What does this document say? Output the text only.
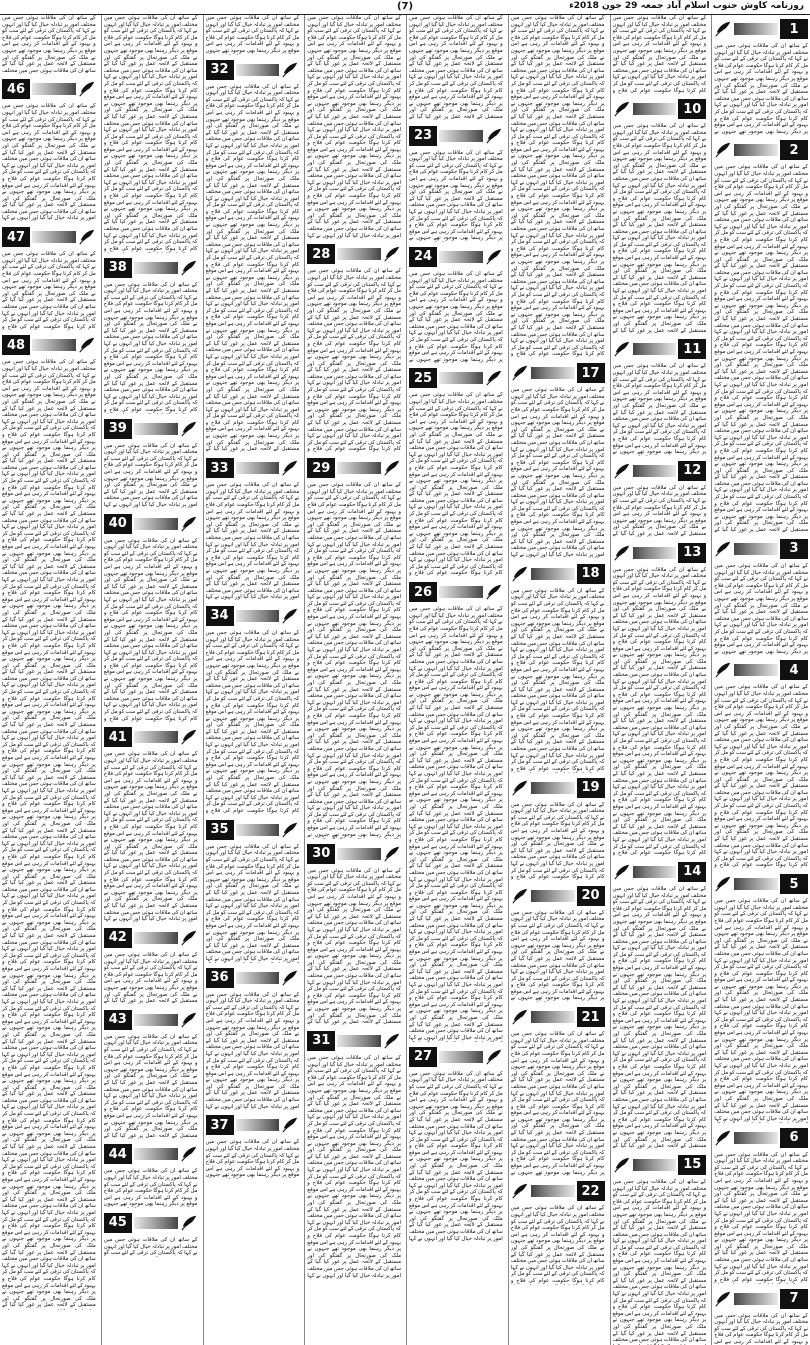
(7)	روزنامہ کاوش جنوب اسلام آباد جمعہ 29 جون 2018ء
1
کے ساتھ ان کی ملاقات ہوئی جس میں مختلف امور پر تبادلہ خیال کیا گیا اور انہوں نے کہا کہ پاکستان کی ترقی کے لئے سب کو مل کر کام کرنا ہوگا حکومت عوام کی فلاح و بہبود کے لئے اقدامات کر رہی ہے اس موقع پر دیگر رہنما بھی موجود تھے جنہوں نے ملک کی صورتحال پر گفتگو کی اور مستقبل کے لائحہ عمل پر غور کیا گیا کے ساتھ ان کی ملاقات ہوئی جس میں مختلف امور پر تبادلہ خیال کیا گیا اور انہوں نے کہا کہ پاکستان کی ترقی کے لئے سب کو مل کر کام کرنا ہوگا حکومت عوام کی فلاح و بہبود کے لئے اقدامات کر رہی ہے اس موقع پر دیگر رہنما بھی موجود تھے جنہوں نے
2
کے ساتھ ان کی ملاقات ہوئی جس میں مختلف امور پر تبادلہ خیال کیا گیا اور انہوں نے کہا کہ پاکستان کی ترقی کے لئے سب کو مل کر کام کرنا ہوگا حکومت عوام کی فلاح و بہبود کے لئے اقدامات کر رہی ہے اس موقع پر دیگر رہنما بھی موجود تھے جنہوں نے ملک کی صورتحال پر گفتگو کی اور مستقبل کے لائحہ عمل پر غور کیا گیا کے ساتھ ان کی ملاقات ہوئی جس میں مختلف امور پر تبادلہ خیال کیا گیا اور انہوں نے کہا کہ پاکستان کی ترقی کے لئے سب کو مل کر کام کرنا ہوگا حکومت عوام کی فلاح و بہبود کے لئے اقدامات کر رہی ہے اس موقع پر دیگر رہنما بھی موجود تھے جنہوں نے ملک کی صورتحال پر گفتگو کی اور مستقبل کے لائحہ عمل پر غور کیا گیا کے ساتھ ان کی ملاقات ہوئی جس میں مختلف امور پر تبادلہ خیال کیا گیا اور انہوں نے کہا کہ پاکستان کی ترقی کے لئے سب کو مل کر کام کرنا ہوگا حکومت عوام کی فلاح و بہبود کے لئے اقدامات کر رہی ہے اس موقع پر دیگر رہنما بھی موجود تھے جنہوں نے ملک کی صورتحال پر گفتگو کی اور مستقبل کے لائحہ عمل پر غور کیا گیا کے ساتھ ان کی ملاقات ہوئی جس میں مختلف امور پر تبادلہ خیال کیا گیا اور انہوں نے کہا کہ پاکستان کی ترقی کے لئے سب کو مل کر کام کرنا ہوگا حکومت عوام کی فلاح و بہبود کے لئے اقدامات کر رہی ہے اس موقع پر دیگر رہنما بھی موجود تھے جنہوں نے ملک کی صورتحال پر گفتگو کی اور مستقبل کے لائحہ عمل پر غور کیا گیا کے ساتھ ان کی ملاقات ہوئی جس میں مختلف امور پر تبادلہ خیال کیا گیا اور انہوں نے کہا کہ پاکستان کی ترقی کے لئے سب کو مل کر کام کرنا ہوگا حکومت عوام کی فلاح و بہبود کے لئے اقدامات کر رہی ہے اس موقع پر دیگر رہنما بھی موجود تھے جنہوں نے ملک کی صورتحال پر گفتگو کی اور مستقبل کے لائحہ عمل پر غور کیا گیا کے ساتھ ان کی ملاقات ہوئی جس میں مختلف امور پر تبادلہ خیال کیا گیا اور انہوں نے کہا کہ پاکستان کی ترقی کے لئے سب کو مل کر کام کرنا ہوگا حکومت عوام کی فلاح و بہبود کے لئے اقدامات کر رہی ہے اس موقع پر دیگر رہنما بھی موجود تھے جنہوں نے ملک کی صورتحال پر گفتگو کی اور مستقبل کے لائحہ عمل پر غور کیا گیا کے ساتھ ان کی ملاقات ہوئی جس میں مختلف امور پر تبادلہ خیال کیا گیا اور انہوں نے کہا کہ پاکستان کی ترقی کے لئے سب کو مل کر کام کرنا ہوگا حکومت عوام کی فلاح و بہبود کے لئے اقدامات کر رہی ہے اس موقع پر دیگر رہنما بھی موجود تھے جنہوں نے ملک کی صورتحال پر گفتگو کی اور مستقبل کے لائحہ عمل پر غور کیا گیا کے
3
کے ساتھ ان کی ملاقات ہوئی جس میں مختلف امور پر تبادلہ خیال کیا گیا اور انہوں نے کہا کہ پاکستان کی ترقی کے لئے سب کو مل کر کام کرنا ہوگا حکومت عوام کی فلاح و بہبود کے لئے اقدامات کر رہی ہے اس موقع پر دیگر رہنما بھی موجود تھے جنہوں نے ملک کی صورتحال پر گفتگو کی اور مستقبل کے لائحہ عمل پر غور کیا گیا کے ساتھ ان کی ملاقات ہوئی جس میں مختلف امور پر تبادلہ خیال کیا گیا اور انہوں نے کہا کہ پاکستان کی ترقی کے لئے سب کو مل کر کام کرنا ہوگا حکومت عوام کی فلاح و بہبود کے لئے اقدامات کر رہی ہے اس موقع پر دیگر رہنما بھی موجود تھے جنہوں نے
4
کے ساتھ ان کی ملاقات ہوئی جس میں مختلف امور پر تبادلہ خیال کیا گیا اور انہوں نے کہا کہ پاکستان کی ترقی کے لئے سب کو مل کر کام کرنا ہوگا حکومت عوام کی فلاح و بہبود کے لئے اقدامات کر رہی ہے اس موقع پر دیگر رہنما بھی موجود تھے جنہوں نے ملک کی صورتحال پر گفتگو کی اور مستقبل کے لائحہ عمل پر غور کیا گیا کے ساتھ ان کی ملاقات ہوئی جس میں مختلف امور پر تبادلہ خیال کیا گیا اور انہوں نے کہا کہ پاکستان کی ترقی کے لئے سب کو مل کر کام کرنا ہوگا حکومت عوام کی فلاح و بہبود کے لئے اقدامات کر رہی ہے اس موقع پر دیگر رہنما بھی موجود تھے جنہوں نے ملک کی صورتحال پر گفتگو کی اور مستقبل کے لائحہ عمل پر غور کیا گیا کے ساتھ ان کی ملاقات ہوئی جس میں مختلف امور پر تبادلہ خیال کیا گیا اور انہوں نے کہا کہ پاکستان کی ترقی کے لئے سب کو مل کر کام کرنا ہوگا حکومت عوام کی فلاح و بہبود کے لئے اقدامات کر رہی ہے اس موقع پر دیگر رہنما بھی موجود تھے جنہوں نے ملک کی صورتحال پر گفتگو کی اور مستقبل کے لائحہ عمل پر غور کیا گیا کے ساتھ ان کی ملاقات ہوئی جس میں مختلف امور پر تبادلہ خیال کیا گیا اور انہوں نے کہا کہ پاکستان کی ترقی کے لئے سب کو مل کر کام کرنا ہوگا حکومت عوام کی فلاح و
5
کے ساتھ ان کی ملاقات ہوئی جس میں مختلف امور پر تبادلہ خیال کیا گیا اور انہوں نے کہا کہ پاکستان کی ترقی کے لئے سب کو مل کر کام کرنا ہوگا حکومت عوام کی فلاح و بہبود کے لئے اقدامات کر رہی ہے اس موقع پر دیگر رہنما بھی موجود تھے جنہوں نے ملک کی صورتحال پر گفتگو کی اور مستقبل کے لائحہ عمل پر غور کیا گیا کے ساتھ ان کی ملاقات ہوئی جس میں مختلف امور پر تبادلہ خیال کیا گیا اور انہوں نے کہا کہ پاکستان کی ترقی کے لئے سب کو مل کر کام کرنا ہوگا حکومت عوام کی فلاح و بہبود کے لئے اقدامات کر رہی ہے اس موقع پر دیگر رہنما بھی موجود تھے جنہوں نے ملک کی صورتحال پر گفتگو کی اور مستقبل کے لائحہ عمل پر غور کیا گیا کے ساتھ ان کی ملاقات ہوئی جس میں مختلف امور پر تبادلہ خیال کیا گیا اور انہوں نے کہا کہ پاکستان کی ترقی کے لئے سب کو مل کر کام کرنا ہوگا حکومت عوام کی فلاح و بہبود کے لئے اقدامات کر رہی ہے اس موقع پر دیگر رہنما بھی موجود تھے جنہوں نے ملک کی صورتحال پر گفتگو کی اور مستقبل کے لائحہ عمل پر غور کیا گیا کے ساتھ ان کی ملاقات ہوئی جس میں مختلف امور پر تبادلہ خیال کیا گیا اور انہوں نے کہا کہ پاکستان کی ترقی کے لئے سب کو مل کر کام کرنا ہوگا حکومت عوام کی فلاح و بہبود کے لئے اقدامات کر رہی ہے اس موقع پر دیگر رہنما بھی موجود تھے جنہوں نے ملک کی صورتحال پر گفتگو کی اور مستقبل کے لائحہ عمل پر غور کیا گیا کے ساتھ ان کی ملاقات ہوئی جس میں مختلف امور پر تبادلہ خیال کیا گیا اور انہوں نے کہا
6
کے ساتھ ان کی ملاقات ہوئی جس میں مختلف امور پر تبادلہ خیال کیا گیا اور انہوں نے کہا کہ پاکستان کی ترقی کے لئے سب کو مل کر کام کرنا ہوگا حکومت عوام کی فلاح و بہبود کے لئے اقدامات کر رہی ہے اس موقع پر دیگر رہنما بھی موجود تھے جنہوں نے ملک کی صورتحال پر گفتگو کی اور مستقبل کے لائحہ عمل پر غور کیا گیا کے ساتھ ان کی ملاقات ہوئی جس میں مختلف امور پر تبادلہ خیال کیا گیا اور انہوں نے کہا کہ پاکستان کی ترقی کے لئے سب کو مل کر کام کرنا ہوگا حکومت عوام کی فلاح و بہبود کے لئے اقدامات کر رہی ہے اس موقع پر دیگر رہنما بھی موجود تھے جنہوں نے ملک کی صورتحال پر گفتگو کی اور مستقبل کے لائحہ عمل پر غور کیا گیا کے ساتھ ان کی ملاقات ہوئی جس میں مختلف امور پر تبادلہ خیال کیا گیا اور انہوں نے کہا کہ پاکستان کی ترقی کے لئے سب کو مل کر کام کرنا ہوگا حکومت عوام کی فلاح و
7
کے ساتھ ان کی ملاقات ہوئی جس میں مختلف امور پر تبادلہ خیال کیا گیا اور انہوں نے کہا کہ پاکستان کی ترقی کے لئے سب کو مل کر کام کرنا ہوگا حکومت عوام کی فلاح و بہبود کے لئے اقدامات کر رہی ہے اس
کے ساتھ ان کی ملاقات ہوئی جس میں مختلف امور پر تبادلہ خیال کیا گیا اور انہوں نے کہا کہ پاکستان کی ترقی کے لئے سب کو مل کر کام کرنا ہوگا حکومت عوام کی فلاح و بہبود کے لئے اقدامات کر رہی ہے اس موقع پر دیگر رہنما بھی موجود تھے جنہوں نے ملک کی صورتحال پر گفتگو کی اور مستقبل کے لائحہ عمل پر غور کیا گیا کے ساتھ ان کی ملاقات ہوئی جس میں مختلف امور پر تبادلہ خیال کیا گیا اور انہوں نے کہا کہ پاکستان کی ترقی کے لئے سب کو مل کر کام کرنا ہوگا حکومت عوام کی فلاح و
10
کے ساتھ ان کی ملاقات ہوئی جس میں مختلف امور پر تبادلہ خیال کیا گیا اور انہوں نے کہا کہ پاکستان کی ترقی کے لئے سب کو مل کر کام کرنا ہوگا حکومت عوام کی فلاح و بہبود کے لئے اقدامات کر رہی ہے اس موقع پر دیگر رہنما بھی موجود تھے جنہوں نے ملک کی صورتحال پر گفتگو کی اور مستقبل کے لائحہ عمل پر غور کیا گیا کے ساتھ ان کی ملاقات ہوئی جس میں مختلف امور پر تبادلہ خیال کیا گیا اور انہوں نے کہا کہ پاکستان کی ترقی کے لئے سب کو مل کر کام کرنا ہوگا حکومت عوام کی فلاح و بہبود کے لئے اقدامات کر رہی ہے اس موقع پر دیگر رہنما بھی موجود تھے جنہوں نے ملک کی صورتحال پر گفتگو کی اور مستقبل کے لائحہ عمل پر غور کیا گیا کے ساتھ ان کی ملاقات ہوئی جس میں مختلف امور پر تبادلہ خیال کیا گیا اور انہوں نے کہا کہ پاکستان کی ترقی کے لئے سب کو مل کر کام کرنا ہوگا حکومت عوام کی فلاح و بہبود کے لئے اقدامات کر رہی ہے اس موقع پر دیگر رہنما بھی موجود تھے جنہوں نے ملک کی صورتحال پر گفتگو کی اور مستقبل کے لائحہ عمل پر غور کیا گیا کے ساتھ ان کی ملاقات ہوئی جس میں مختلف امور پر تبادلہ خیال کیا گیا اور انہوں نے کہا کہ پاکستان کی ترقی کے لئے سب کو مل کر کام کرنا ہوگا حکومت عوام کی فلاح و بہبود کے لئے اقدامات کر رہی ہے اس موقع پر دیگر رہنما بھی موجود تھے جنہوں نے ملک کی صورتحال پر گفتگو کی اور مستقبل کے لائحہ عمل پر غور کیا گیا کے
11
کے ساتھ ان کی ملاقات ہوئی جس میں مختلف امور پر تبادلہ خیال کیا گیا اور انہوں نے کہا کہ پاکستان کی ترقی کے لئے سب کو مل کر کام کرنا ہوگا حکومت عوام کی فلاح و بہبود کے لئے اقدامات کر رہی ہے اس موقع پر دیگر رہنما بھی موجود تھے جنہوں نے ملک کی صورتحال پر گفتگو کی اور مستقبل کے لائحہ عمل پر غور کیا گیا کے ساتھ ان کی ملاقات ہوئی جس میں مختلف امور پر تبادلہ خیال کیا گیا اور انہوں نے کہا کہ پاکستان کی ترقی کے لئے سب کو مل کر کام کرنا ہوگا حکومت عوام کی فلاح و بہبود کے لئے اقدامات کر رہی ہے اس موقع پر دیگر رہنما بھی موجود تھے جنہوں نے
12
کے ساتھ ان کی ملاقات ہوئی جس میں مختلف امور پر تبادلہ خیال کیا گیا اور انہوں نے کہا کہ پاکستان کی ترقی کے لئے سب کو مل کر کام کرنا ہوگا حکومت عوام کی فلاح و بہبود کے لئے اقدامات کر رہی ہے اس موقع پر دیگر رہنما بھی موجود تھے جنہوں نے ملک کی صورتحال پر گفتگو کی اور مستقبل کے لائحہ عمل پر غور کیا گیا کے
13
کے ساتھ ان کی ملاقات ہوئی جس میں مختلف امور پر تبادلہ خیال کیا گیا اور انہوں نے کہا کہ پاکستان کی ترقی کے لئے سب کو مل کر کام کرنا ہوگا حکومت عوام کی فلاح و بہبود کے لئے اقدامات کر رہی ہے اس موقع پر دیگر رہنما بھی موجود تھے جنہوں نے ملک کی صورتحال پر گفتگو کی اور مستقبل کے لائحہ عمل پر غور کیا گیا کے ساتھ ان کی ملاقات ہوئی جس میں مختلف امور پر تبادلہ خیال کیا گیا اور انہوں نے کہا کہ پاکستان کی ترقی کے لئے سب کو مل کر کام کرنا ہوگا حکومت عوام کی فلاح و بہبود کے لئے اقدامات کر رہی ہے اس موقع پر دیگر رہنما بھی موجود تھے جنہوں نے ملک کی صورتحال پر گفتگو کی اور مستقبل کے لائحہ عمل پر غور کیا گیا کے ساتھ ان کی ملاقات ہوئی جس میں مختلف امور پر تبادلہ خیال کیا گیا اور انہوں نے کہا کہ پاکستان کی ترقی کے لئے سب کو مل کر کام کرنا ہوگا حکومت عوام کی فلاح و بہبود کے لئے اقدامات کر رہی ہے اس موقع پر دیگر رہنما بھی موجود تھے جنہوں نے ملک کی صورتحال پر گفتگو کی اور مستقبل کے لائحہ عمل پر غور کیا گیا کے ساتھ ان کی ملاقات ہوئی جس میں مختلف امور پر تبادلہ خیال کیا گیا اور انہوں نے کہا کہ پاکستان کی ترقی کے لئے سب کو مل کر کام کرنا ہوگا حکومت عوام کی فلاح و بہبود کے لئے اقدامات کر رہی ہے اس موقع پر دیگر رہنما بھی موجود تھے جنہوں نے ملک کی صورتحال پر گفتگو کی اور مستقبل کے لائحہ عمل پر غور کیا گیا کے ساتھ ان کی ملاقات ہوئی جس میں مختلف امور پر تبادلہ خیال کیا گیا اور انہوں نے کہا کہ پاکستان کی ترقی کے لئے سب کو مل کر کام کرنا ہوگا حکومت عوام کی فلاح و بہبود کے لئے اقدامات کر رہی ہے اس موقع پر دیگر رہنما بھی موجود تھے جنہوں نے ملک کی صورتحال پر گفتگو کی اور مستقبل کے لائحہ عمل پر غور کیا گیا کے ساتھ ان کی ملاقات ہوئی جس میں مختلف امور پر تبادلہ خیال کیا گیا اور انہوں نے کہا کہ پاکستان کی ترقی کے لئے سب کو مل کر کام کرنا ہوگا حکومت عوام کی فلاح و
14
کے ساتھ ان کی ملاقات ہوئی جس میں مختلف امور پر تبادلہ خیال کیا گیا اور انہوں نے کہا کہ پاکستان کی ترقی کے لئے سب کو مل کر کام کرنا ہوگا حکومت عوام کی فلاح و بہبود کے لئے اقدامات کر رہی ہے اس موقع پر دیگر رہنما بھی موجود تھے جنہوں نے ملک کی صورتحال پر گفتگو کی اور مستقبل کے لائحہ عمل پر غور کیا گیا کے ساتھ ان کی ملاقات ہوئی جس میں مختلف امور پر تبادلہ خیال کیا گیا اور انہوں نے کہا کہ پاکستان کی ترقی کے لئے سب کو مل کر کام کرنا ہوگا حکومت عوام کی فلاح و بہبود کے لئے اقدامات کر رہی ہے اس موقع پر دیگر رہنما بھی موجود تھے جنہوں نے ملک کی صورتحال پر گفتگو کی اور مستقبل کے لائحہ عمل پر غور کیا گیا کے ساتھ ان کی ملاقات ہوئی جس میں مختلف امور پر تبادلہ خیال کیا گیا اور انہوں نے کہا کہ پاکستان کی ترقی کے لئے سب کو مل کر کام کرنا ہوگا حکومت عوام کی فلاح و بہبود کے لئے اقدامات کر رہی ہے اس موقع پر دیگر رہنما بھی موجود تھے جنہوں نے ملک کی صورتحال پر گفتگو کی اور مستقبل کے لائحہ عمل پر غور کیا گیا کے ساتھ ان کی ملاقات ہوئی جس میں مختلف امور پر تبادلہ خیال کیا گیا اور انہوں نے کہا کہ پاکستان کی ترقی کے لئے سب کو مل کر کام کرنا ہوگا حکومت عوام کی فلاح و بہبود کے لئے اقدامات کر رہی ہے اس موقع پر دیگر رہنما بھی موجود تھے جنہوں نے ملک کی صورتحال پر گفتگو کی اور مستقبل کے لائحہ عمل پر غور کیا گیا کے ساتھ ان کی ملاقات ہوئی جس میں مختلف امور پر تبادلہ خیال کیا گیا اور انہوں نے کہا کہ پاکستان کی ترقی کے لئے سب کو مل کر کام کرنا ہوگا حکومت عوام کی فلاح و بہبود کے لئے اقدامات کر رہی ہے اس موقع پر دیگر رہنما بھی موجود تھے جنہوں نے ملک کی صورتحال پر گفتگو کی اور مستقبل کے لائحہ عمل پر غور کیا گیا کے
15
کے ساتھ ان کی ملاقات ہوئی جس میں مختلف امور پر تبادلہ خیال کیا گیا اور انہوں نے کہا کہ پاکستان کی ترقی کے لئے سب کو مل کر کام کرنا ہوگا حکومت عوام کی فلاح و بہبود کے لئے اقدامات کر رہی ہے اس موقع پر دیگر رہنما بھی موجود تھے جنہوں نے ملک کی صورتحال پر گفتگو کی اور مستقبل کے لائحہ عمل پر غور کیا گیا کے ساتھ ان کی ملاقات ہوئی جس میں مختلف امور پر تبادلہ خیال کیا گیا اور انہوں نے کہا کہ پاکستان کی ترقی کے لئے سب کو مل کر کام کرنا ہوگا حکومت عوام کی فلاح و بہبود کے لئے اقدامات کر رہی ہے اس موقع پر دیگر رہنما بھی موجود تھے جنہوں نے ملک کی صورتحال پر گفتگو کی اور مستقبل کے لائحہ عمل پر غور کیا گیا کے ساتھ ان کی ملاقات ہوئی جس میں مختلف امور پر تبادلہ خیال کیا گیا اور انہوں نے کہا کہ پاکستان کی ترقی کے لئے سب کو مل کر کام کرنا ہوگا حکومت عوام کی فلاح و بہبود کے لئے اقدامات کر رہی ہے اس موقع پر دیگر رہنما بھی موجود تھے جنہوں نے ملک کی صورتحال پر گفتگو کی اور مستقبل کے لائحہ عمل پر غور کیا گیا کے ساتھ ان کی ملاقات ہوئی جس میں مختلف
کے ساتھ ان کی ملاقات ہوئی جس میں مختلف امور پر تبادلہ خیال کیا گیا اور انہوں نے کہا کہ پاکستان کی ترقی کے لئے سب کو مل کر کام کرنا ہوگا حکومت عوام کی فلاح و بہبود کے لئے اقدامات کر رہی ہے اس موقع پر دیگر رہنما بھی موجود تھے جنہوں نے ملک کی صورتحال پر گفتگو کی اور مستقبل کے لائحہ عمل پر غور کیا گیا کے ساتھ ان کی ملاقات ہوئی جس میں مختلف امور پر تبادلہ خیال کیا گیا اور انہوں نے کہا کہ پاکستان کی ترقی کے لئے سب کو مل کر کام کرنا ہوگا حکومت عوام کی فلاح و بہبود کے لئے اقدامات کر رہی ہے اس موقع پر دیگر رہنما بھی موجود تھے جنہوں نے ملک کی صورتحال پر گفتگو کی اور مستقبل کے لائحہ عمل پر غور کیا گیا کے ساتھ ان کی ملاقات ہوئی جس میں مختلف امور پر تبادلہ خیال کیا گیا اور انہوں نے کہا کہ پاکستان کی ترقی کے لئے سب کو مل کر کام کرنا ہوگا حکومت عوام کی فلاح و بہبود کے لئے اقدامات کر رہی ہے اس موقع پر دیگر رہنما بھی موجود تھے جنہوں نے ملک کی صورتحال پر گفتگو کی اور مستقبل کے لائحہ عمل پر غور کیا گیا کے ساتھ ان کی ملاقات ہوئی جس میں مختلف امور پر تبادلہ خیال کیا گیا اور انہوں نے کہا کہ پاکستان کی ترقی کے لئے سب کو مل کر کام کرنا ہوگا حکومت عوام کی فلاح و بہبود کے لئے اقدامات کر رہی ہے اس موقع پر دیگر رہنما بھی موجود تھے جنہوں نے ملک کی صورتحال پر گفتگو کی اور مستقبل کے لائحہ عمل پر غور کیا گیا کے ساتھ ان کی ملاقات ہوئی جس میں مختلف امور پر تبادلہ خیال کیا گیا اور انہوں نے کہا کہ پاکستان کی ترقی کے لئے سب کو مل کر کام کرنا ہوگا حکومت عوام کی فلاح و بہبود کے لئے اقدامات کر رہی ہے اس موقع پر دیگر رہنما بھی موجود تھے جنہوں نے ملک کی صورتحال پر گفتگو کی اور مستقبل کے لائحہ عمل پر غور کیا گیا کے ساتھ ان کی ملاقات ہوئی جس میں مختلف امور پر تبادلہ خیال کیا گیا اور انہوں نے کہا کہ پاکستان کی ترقی کے لئے سب کو مل کر کام کرنا ہوگا حکومت عوام کی فلاح و بہبود کے لئے اقدامات کر رہی ہے اس موقع پر دیگر رہنما بھی موجود تھے جنہوں نے ملک کی صورتحال پر گفتگو کی اور مستقبل کے لائحہ عمل پر غور کیا گیا کے ساتھ ان کی ملاقات ہوئی جس میں مختلف امور پر تبادلہ خیال کیا گیا اور انہوں نے کہا کہ پاکستان کی ترقی کے لئے سب کو مل کر کام کرنا ہوگا حکومت عوام کی فلاح و
17
کے ساتھ ان کی ملاقات ہوئی جس میں مختلف امور پر تبادلہ خیال کیا گیا اور انہوں نے کہا کہ پاکستان کی ترقی کے لئے سب کو مل کر کام کرنا ہوگا حکومت عوام کی فلاح و بہبود کے لئے اقدامات کر رہی ہے اس موقع پر دیگر رہنما بھی موجود تھے جنہوں نے ملک کی صورتحال پر گفتگو کی اور مستقبل کے لائحہ عمل پر غور کیا گیا کے ساتھ ان کی ملاقات ہوئی جس میں مختلف امور پر تبادلہ خیال کیا گیا اور انہوں نے کہا کہ پاکستان کی ترقی کے لئے سب کو مل کر کام کرنا ہوگا حکومت عوام کی فلاح و بہبود کے لئے اقدامات کر رہی ہے اس موقع پر دیگر رہنما بھی موجود تھے جنہوں نے ملک کی صورتحال پر گفتگو کی اور مستقبل کے لائحہ عمل پر غور کیا گیا کے ساتھ ان کی ملاقات ہوئی جس میں مختلف امور پر تبادلہ خیال کیا گیا اور انہوں نے کہا کہ پاکستان کی ترقی کے لئے سب کو مل کر کام کرنا ہوگا حکومت عوام کی فلاح و بہبود کے لئے اقدامات کر رہی ہے اس موقع پر دیگر رہنما بھی موجود تھے جنہوں نے ملک کی صورتحال پر گفتگو کی اور مستقبل کے لائحہ عمل پر غور کیا گیا کے ساتھ ان کی ملاقات ہوئی جس میں مختلف امور پر تبادلہ خیال کیا گیا اور انہوں نے کہا
18
کے ساتھ ان کی ملاقات ہوئی جس میں مختلف امور پر تبادلہ خیال کیا گیا اور انہوں نے کہا کہ پاکستان کی ترقی کے لئے سب کو مل کر کام کرنا ہوگا حکومت عوام کی فلاح و بہبود کے لئے اقدامات کر رہی ہے اس موقع پر دیگر رہنما بھی موجود تھے جنہوں نے ملک کی صورتحال پر گفتگو کی اور مستقبل کے لائحہ عمل پر غور کیا گیا کے ساتھ ان کی ملاقات ہوئی جس میں مختلف امور پر تبادلہ خیال کیا گیا اور انہوں نے کہا کہ پاکستان کی ترقی کے لئے سب کو مل کر کام کرنا ہوگا حکومت عوام کی فلاح و بہبود کے لئے اقدامات کر رہی ہے اس موقع پر دیگر رہنما بھی موجود تھے جنہوں نے ملک کی صورتحال پر گفتگو کی اور مستقبل کے لائحہ عمل پر غور کیا گیا کے ساتھ ان کی ملاقات ہوئی جس میں مختلف امور پر تبادلہ خیال کیا گیا اور انہوں نے کہا کہ پاکستان کی ترقی کے لئے سب کو مل کر کام کرنا ہوگا حکومت عوام کی فلاح و بہبود کے لئے اقدامات کر رہی ہے اس موقع پر دیگر رہنما بھی موجود تھے جنہوں نے ملک کی صورتحال پر گفتگو کی اور مستقبل کے لائحہ عمل پر غور کیا گیا کے ساتھ ان کی ملاقات ہوئی جس میں مختلف امور پر تبادلہ خیال کیا گیا اور انہوں نے کہا کہ پاکستان کی ترقی کے لئے سب کو مل کر کام کرنا ہوگا حکومت عوام کی فلاح و
19
کے ساتھ ان کی ملاقات ہوئی جس میں مختلف امور پر تبادلہ خیال کیا گیا اور انہوں نے کہا کہ پاکستان کی ترقی کے لئے سب کو مل کر کام کرنا ہوگا حکومت عوام کی فلاح و بہبود کے لئے اقدامات کر رہی ہے اس موقع پر دیگر رہنما بھی موجود تھے جنہوں نے ملک کی صورتحال پر گفتگو کی اور مستقبل کے لائحہ عمل پر غور کیا گیا کے ساتھ ان کی ملاقات ہوئی جس میں مختلف امور پر تبادلہ خیال کیا گیا اور انہوں نے کہا کہ پاکستان کی ترقی کے لئے سب کو مل کر کام کرنا ہوگا حکومت عوام کی فلاح و
20
کے ساتھ ان کی ملاقات ہوئی جس میں مختلف امور پر تبادلہ خیال کیا گیا اور انہوں نے کہا کہ پاکستان کی ترقی کے لئے سب کو مل کر کام کرنا ہوگا حکومت عوام کی فلاح و بہبود کے لئے اقدامات کر رہی ہے اس موقع پر دیگر رہنما بھی موجود تھے جنہوں نے ملک کی صورتحال پر گفتگو کی اور مستقبل کے لائحہ عمل پر غور کیا گیا کے ساتھ ان کی ملاقات ہوئی جس میں مختلف امور پر تبادلہ خیال کیا گیا اور انہوں نے کہا کہ پاکستان کی ترقی کے لئے سب کو مل کر کام کرنا ہوگا حکومت عوام کی فلاح و بہبود کے لئے اقدامات کر رہی ہے اس موقع پر دیگر رہنما بھی موجود تھے جنہوں نے
21
کے ساتھ ان کی ملاقات ہوئی جس میں مختلف امور پر تبادلہ خیال کیا گیا اور انہوں نے کہا کہ پاکستان کی ترقی کے لئے سب کو مل کر کام کرنا ہوگا حکومت عوام کی فلاح و بہبود کے لئے اقدامات کر رہی ہے اس موقع پر دیگر رہنما بھی موجود تھے جنہوں نے ملک کی صورتحال پر گفتگو کی اور مستقبل کے لائحہ عمل پر غور کیا گیا کے ساتھ ان کی ملاقات ہوئی جس میں مختلف امور پر تبادلہ خیال کیا گیا اور انہوں نے کہا کہ پاکستان کی ترقی کے لئے سب کو مل کر کام کرنا ہوگا حکومت عوام کی فلاح و بہبود کے لئے اقدامات کر رہی ہے اس موقع پر دیگر رہنما بھی موجود تھے جنہوں نے ملک کی صورتحال پر گفتگو کی اور مستقبل کے لائحہ عمل پر غور کیا گیا کے ساتھ ان کی ملاقات ہوئی جس میں مختلف امور پر تبادلہ خیال کیا گیا اور انہوں نے کہا کہ پاکستان کی ترقی کے لئے سب کو مل کر کام کرنا ہوگا حکومت عوام کی فلاح و بہبود کے لئے اقدامات کر رہی ہے اس موقع پر دیگر رہنما بھی موجود تھے جنہوں نے
22
کے ساتھ ان کی ملاقات ہوئی جس میں مختلف امور پر تبادلہ خیال کیا گیا اور انہوں نے کہا کہ پاکستان کی ترقی کے لئے سب کو مل کر کام کرنا ہوگا حکومت عوام کی فلاح و بہبود کے لئے اقدامات کر رہی ہے اس موقع پر دیگر رہنما بھی موجود تھے جنہوں نے ملک کی صورتحال پر گفتگو کی اور مستقبل کے لائحہ عمل پر غور کیا گیا کے ساتھ ان کی ملاقات ہوئی جس میں مختلف امور پر تبادلہ خیال کیا گیا اور انہوں نے کہا کہ پاکستان کی ترقی کے لئے سب کو مل کر کام کرنا ہوگا حکومت عوام کی فلاح و
کے ساتھ ان کی ملاقات ہوئی جس میں مختلف امور پر تبادلہ خیال کیا گیا اور انہوں نے کہا کہ پاکستان کی ترقی کے لئے سب کو مل کر کام کرنا ہوگا حکومت عوام کی فلاح و بہبود کے لئے اقدامات کر رہی ہے اس موقع پر دیگر رہنما بھی موجود تھے جنہوں نے ملک کی صورتحال پر گفتگو کی اور مستقبل کے لائحہ عمل پر غور کیا گیا کے ساتھ ان کی ملاقات ہوئی جس میں مختلف امور پر تبادلہ خیال کیا گیا اور انہوں نے کہا کہ پاکستان کی ترقی کے لئے سب کو مل کر کام کرنا ہوگا حکومت عوام کی فلاح و بہبود کے لئے اقدامات کر رہی ہے اس موقع پر دیگر رہنما بھی موجود تھے جنہوں نے ملک کی صورتحال پر گفتگو کی اور مستقبل کے لائحہ عمل پر غور کیا گیا کے
23
کے ساتھ ان کی ملاقات ہوئی جس میں مختلف امور پر تبادلہ خیال کیا گیا اور انہوں نے کہا کہ پاکستان کی ترقی کے لئے سب کو مل کر کام کرنا ہوگا حکومت عوام کی فلاح و بہبود کے لئے اقدامات کر رہی ہے اس موقع پر دیگر رہنما بھی موجود تھے جنہوں نے ملک کی صورتحال پر گفتگو کی اور مستقبل کے لائحہ عمل پر غور کیا گیا کے ساتھ ان کی ملاقات ہوئی جس میں مختلف امور پر تبادلہ خیال کیا گیا اور انہوں نے کہا کہ پاکستان کی ترقی کے لئے سب کو مل کر کام کرنا ہوگا حکومت عوام کی فلاح و بہبود کے لئے اقدامات کر رہی ہے اس موقع پر دیگر رہنما بھی موجود تھے جنہوں نے
24
کے ساتھ ان کی ملاقات ہوئی جس میں مختلف امور پر تبادلہ خیال کیا گیا اور انہوں نے کہا کہ پاکستان کی ترقی کے لئے سب کو مل کر کام کرنا ہوگا حکومت عوام کی فلاح و بہبود کے لئے اقدامات کر رہی ہے اس موقع پر دیگر رہنما بھی موجود تھے جنہوں نے ملک کی صورتحال پر گفتگو کی اور مستقبل کے لائحہ عمل پر غور کیا گیا کے ساتھ ان کی ملاقات ہوئی جس میں مختلف امور پر تبادلہ خیال کیا گیا اور انہوں نے کہا کہ پاکستان کی ترقی کے لئے سب کو مل کر کام کرنا ہوگا حکومت عوام کی فلاح و بہبود کے لئے اقدامات کر رہی ہے اس موقع پر دیگر رہنما بھی موجود تھے جنہوں نے
25
کے ساتھ ان کی ملاقات ہوئی جس میں مختلف امور پر تبادلہ خیال کیا گیا اور انہوں نے کہا کہ پاکستان کی ترقی کے لئے سب کو مل کر کام کرنا ہوگا حکومت عوام کی فلاح و بہبود کے لئے اقدامات کر رہی ہے اس موقع پر دیگر رہنما بھی موجود تھے جنہوں نے ملک کی صورتحال پر گفتگو کی اور مستقبل کے لائحہ عمل پر غور کیا گیا کے ساتھ ان کی ملاقات ہوئی جس میں مختلف امور پر تبادلہ خیال کیا گیا اور انہوں نے کہا کہ پاکستان کی ترقی کے لئے سب کو مل کر کام کرنا ہوگا حکومت عوام کی فلاح و بہبود کے لئے اقدامات کر رہی ہے اس موقع پر دیگر رہنما بھی موجود تھے جنہوں نے ملک کی صورتحال پر گفتگو کی اور مستقبل کے لائحہ عمل پر غور کیا گیا کے ساتھ ان کی ملاقات ہوئی جس میں مختلف امور پر تبادلہ خیال کیا گیا اور انہوں نے کہا کہ پاکستان کی ترقی کے لئے سب کو مل کر کام کرنا ہوگا حکومت عوام کی فلاح و بہبود کے لئے اقدامات کر رہی ہے اس موقع پر دیگر رہنما بھی موجود تھے جنہوں نے ملک کی صورتحال پر گفتگو کی اور مستقبل کے لائحہ عمل پر غور کیا گیا کے ساتھ ان کی ملاقات ہوئی جس میں مختلف امور پر تبادلہ خیال کیا گیا اور انہوں نے کہا کہ پاکستان کی ترقی کے لئے سب کو مل کر کام کرنا ہوگا حکومت عوام کی فلاح و
26
کے ساتھ ان کی ملاقات ہوئی جس میں مختلف امور پر تبادلہ خیال کیا گیا اور انہوں نے کہا کہ پاکستان کی ترقی کے لئے سب کو مل کر کام کرنا ہوگا حکومت عوام کی فلاح و بہبود کے لئے اقدامات کر رہی ہے اس موقع پر دیگر رہنما بھی موجود تھے جنہوں نے ملک کی صورتحال پر گفتگو کی اور مستقبل کے لائحہ عمل پر غور کیا گیا کے ساتھ ان کی ملاقات ہوئی جس میں مختلف امور پر تبادلہ خیال کیا گیا اور انہوں نے کہا کہ پاکستان کی ترقی کے لئے سب کو مل کر کام کرنا ہوگا حکومت عوام کی فلاح و بہبود کے لئے اقدامات کر رہی ہے اس موقع پر دیگر رہنما بھی موجود تھے جنہوں نے ملک کی صورتحال پر گفتگو کی اور مستقبل کے لائحہ عمل پر غور کیا گیا کے ساتھ ان کی ملاقات ہوئی جس میں مختلف امور پر تبادلہ خیال کیا گیا اور انہوں نے کہا کہ پاکستان کی ترقی کے لئے سب کو مل کر کام کرنا ہوگا حکومت عوام کی فلاح و بہبود کے لئے اقدامات کر رہی ہے اس موقع پر دیگر رہنما بھی موجود تھے جنہوں نے ملک کی صورتحال پر گفتگو کی اور مستقبل کے لائحہ عمل پر غور کیا گیا کے ساتھ ان کی ملاقات ہوئی جس میں مختلف امور پر تبادلہ خیال کیا گیا اور انہوں نے کہا کہ پاکستان کی ترقی کے لئے سب کو مل کر کام کرنا ہوگا حکومت عوام کی فلاح و بہبود کے لئے اقدامات کر رہی ہے اس موقع پر دیگر رہنما بھی موجود تھے جنہوں نے ملک کی صورتحال پر گفتگو کی اور مستقبل کے لائحہ عمل پر غور کیا گیا کے ساتھ ان کی ملاقات ہوئی جس میں مختلف امور پر تبادلہ خیال کیا گیا اور انہوں نے کہا کہ پاکستان کی ترقی کے لئے سب کو مل کر کام کرنا ہوگا حکومت عوام کی فلاح و بہبود کے لئے اقدامات کر رہی ہے اس موقع پر دیگر رہنما بھی موجود تھے جنہوں نے ملک کی صورتحال پر گفتگو کی اور مستقبل کے لائحہ عمل پر غور کیا گیا کے ساتھ ان کی ملاقات ہوئی جس میں مختلف امور پر تبادلہ خیال کیا گیا اور انہوں نے کہا کہ پاکستان کی ترقی کے لئے سب کو مل کر کام کرنا ہوگا حکومت عوام کی فلاح و بہبود کے لئے اقدامات کر رہی ہے اس موقع پر دیگر رہنما بھی موجود تھے جنہوں نے ملک کی صورتحال پر گفتگو کی اور مستقبل کے لائحہ عمل پر غور کیا گیا کے ساتھ ان کی ملاقات ہوئی جس میں مختلف امور پر تبادلہ خیال کیا گیا اور انہوں نے کہا کہ پاکستان کی ترقی کے لئے سب کو مل کر کام کرنا ہوگا حکومت عوام کی فلاح و بہبود کے لئے اقدامات کر رہی ہے اس موقع پر دیگر رہنما بھی موجود تھے جنہوں نے ملک کی صورتحال پر گفتگو کی اور مستقبل کے لائحہ عمل پر غور کیا گیا کے ساتھ ان کی ملاقات ہوئی جس میں مختلف امور پر تبادلہ خیال کیا گیا اور انہوں نے کہا کہ پاکستان کی ترقی کے لئے سب کو مل کر کام کرنا ہوگا حکومت عوام کی فلاح و بہبود کے لئے اقدامات کر رہی ہے اس موقع پر دیگر رہنما بھی موجود تھے جنہوں نے ملک کی صورتحال پر گفتگو کی اور مستقبل کے لائحہ عمل پر غور کیا گیا کے ساتھ ان کی ملاقات ہوئی جس میں مختلف امور پر تبادلہ خیال کیا گیا اور انہوں نے کہا
27
کے ساتھ ان کی ملاقات ہوئی جس میں مختلف امور پر تبادلہ خیال کیا گیا اور انہوں نے کہا کہ پاکستان کی ترقی کے لئے سب کو مل کر کام کرنا ہوگا حکومت عوام کی فلاح و بہبود کے لئے اقدامات کر رہی ہے اس موقع پر دیگر رہنما بھی موجود تھے جنہوں نے ملک کی صورتحال پر گفتگو کی اور مستقبل کے لائحہ عمل پر غور کیا گیا کے ساتھ ان کی ملاقات ہوئی جس میں مختلف امور پر تبادلہ خیال کیا گیا اور انہوں نے کہا کہ پاکستان کی ترقی کے لئے سب کو مل کر کام کرنا ہوگا حکومت عوام کی فلاح و بہبود کے لئے اقدامات کر رہی ہے اس موقع پر دیگر رہنما بھی موجود تھے جنہوں نے ملک کی صورتحال پر گفتگو کی اور مستقبل کے لائحہ عمل پر غور کیا گیا کے ساتھ ان کی ملاقات ہوئی جس میں مختلف امور پر تبادلہ خیال کیا گیا اور انہوں نے کہا کہ پاکستان کی ترقی کے لئے سب کو مل کر کام کرنا ہوگا حکومت عوام کی فلاح و بہبود کے لئے اقدامات کر رہی ہے اس موقع پر دیگر رہنما بھی موجود تھے جنہوں نے ملک کی صورتحال پر گفتگو کی اور مستقبل کے لائحہ عمل پر غور کیا گیا کے ساتھ ان کی ملاقات ہوئی جس میں مختلف امور پر تبادلہ خیال کیا گیا اور انہوں نے کہا
کے ساتھ ان کی ملاقات ہوئی جس میں مختلف امور پر تبادلہ خیال کیا گیا اور انہوں نے کہا کہ پاکستان کی ترقی کے لئے سب کو مل کر کام کرنا ہوگا حکومت عوام کی فلاح و بہبود کے لئے اقدامات کر رہی ہے اس موقع پر دیگر رہنما بھی موجود تھے جنہوں نے ملک کی صورتحال پر گفتگو کی اور مستقبل کے لائحہ عمل پر غور کیا گیا کے ساتھ ان کی ملاقات ہوئی جس میں مختلف امور پر تبادلہ خیال کیا گیا اور انہوں نے کہا کہ پاکستان کی ترقی کے لئے سب کو مل کر کام کرنا ہوگا حکومت عوام کی فلاح و بہبود کے لئے اقدامات کر رہی ہے اس موقع پر دیگر رہنما بھی موجود تھے جنہوں نے ملک کی صورتحال پر گفتگو کی اور مستقبل کے لائحہ عمل پر غور کیا گیا کے ساتھ ان کی ملاقات ہوئی جس میں مختلف امور پر تبادلہ خیال کیا گیا اور انہوں نے کہا کہ پاکستان کی ترقی کے لئے سب کو مل کر کام کرنا ہوگا حکومت عوام کی فلاح و بہبود کے لئے اقدامات کر رہی ہے اس موقع پر دیگر رہنما بھی موجود تھے جنہوں نے ملک کی صورتحال پر گفتگو کی اور مستقبل کے لائحہ عمل پر غور کیا گیا کے ساتھ ان کی ملاقات ہوئی جس میں مختلف امور پر تبادلہ خیال کیا گیا اور انہوں نے کہا کہ پاکستان کی ترقی کے لئے سب کو مل کر کام کرنا ہوگا حکومت عوام کی فلاح و بہبود کے لئے اقدامات کر رہی ہے اس موقع پر دیگر رہنما بھی موجود تھے جنہوں نے ملک کی صورتحال پر گفتگو کی اور مستقبل کے لائحہ عمل پر غور کیا گیا کے ساتھ ان کی ملاقات ہوئی جس میں مختلف امور پر تبادلہ خیال کیا گیا اور انہوں نے کہا
28
کے ساتھ ان کی ملاقات ہوئی جس میں مختلف امور پر تبادلہ خیال کیا گیا اور انہوں نے کہا کہ پاکستان کی ترقی کے لئے سب کو مل کر کام کرنا ہوگا حکومت عوام کی فلاح و بہبود کے لئے اقدامات کر رہی ہے اس موقع پر دیگر رہنما بھی موجود تھے جنہوں نے ملک کی صورتحال پر گفتگو کی اور مستقبل کے لائحہ عمل پر غور کیا گیا کے ساتھ ان کی ملاقات ہوئی جس میں مختلف امور پر تبادلہ خیال کیا گیا اور انہوں نے کہا کہ پاکستان کی ترقی کے لئے سب کو مل کر کام کرنا ہوگا حکومت عوام کی فلاح و بہبود کے لئے اقدامات کر رہی ہے اس موقع پر دیگر رہنما بھی موجود تھے جنہوں نے ملک کی صورتحال پر گفتگو کی اور مستقبل کے لائحہ عمل پر غور کیا گیا کے ساتھ ان کی ملاقات ہوئی جس میں مختلف امور پر تبادلہ خیال کیا گیا اور انہوں نے کہا کہ پاکستان کی ترقی کے لئے سب کو مل کر کام کرنا ہوگا حکومت عوام کی فلاح و بہبود کے لئے اقدامات کر رہی ہے اس موقع پر دیگر رہنما بھی موجود تھے جنہوں نے ملک کی صورتحال پر گفتگو کی اور مستقبل کے لائحہ عمل پر غور کیا گیا کے ساتھ ان کی ملاقات ہوئی جس میں مختلف امور پر تبادلہ خیال کیا گیا اور انہوں نے کہا کہ پاکستان کی ترقی کے لئے سب کو مل کر کام کرنا ہوگا حکومت عوام کی فلاح و
29
کے ساتھ ان کی ملاقات ہوئی جس میں مختلف امور پر تبادلہ خیال کیا گیا اور انہوں نے کہا کہ پاکستان کی ترقی کے لئے سب کو مل کر کام کرنا ہوگا حکومت عوام کی فلاح و بہبود کے لئے اقدامات کر رہی ہے اس موقع پر دیگر رہنما بھی موجود تھے جنہوں نے ملک کی صورتحال پر گفتگو کی اور مستقبل کے لائحہ عمل پر غور کیا گیا کے ساتھ ان کی ملاقات ہوئی جس میں مختلف امور پر تبادلہ خیال کیا گیا اور انہوں نے کہا کہ پاکستان کی ترقی کے لئے سب کو مل کر کام کرنا ہوگا حکومت عوام کی فلاح و بہبود کے لئے اقدامات کر رہی ہے اس موقع پر دیگر رہنما بھی موجود تھے جنہوں نے ملک کی صورتحال پر گفتگو کی اور مستقبل کے لائحہ عمل پر غور کیا گیا کے ساتھ ان کی ملاقات ہوئی جس میں مختلف امور پر تبادلہ خیال کیا گیا اور انہوں نے کہا کہ پاکستان کی ترقی کے لئے سب کو مل کر کام کرنا ہوگا حکومت عوام کی فلاح و بہبود کے لئے اقدامات کر رہی ہے اس موقع پر دیگر رہنما بھی موجود تھے جنہوں نے ملک کی صورتحال پر گفتگو کی اور مستقبل کے لائحہ عمل پر غور کیا گیا کے ساتھ ان کی ملاقات ہوئی جس میں مختلف امور پر تبادلہ خیال کیا گیا اور انہوں نے کہا کہ پاکستان کی ترقی کے لئے سب کو مل کر کام کرنا ہوگا حکومت عوام کی فلاح و بہبود کے لئے اقدامات کر رہی ہے اس موقع پر دیگر رہنما بھی موجود تھے جنہوں نے ملک کی صورتحال پر گفتگو کی اور مستقبل کے لائحہ عمل پر غور کیا گیا کے ساتھ ان کی ملاقات ہوئی جس میں مختلف امور پر تبادلہ خیال کیا گیا اور انہوں نے کہا کہ پاکستان کی ترقی کے لئے سب کو مل کر کام کرنا ہوگا حکومت عوام کی فلاح و بہبود کے لئے اقدامات کر رہی ہے اس موقع پر دیگر رہنما بھی موجود تھے جنہوں نے ملک کی صورتحال پر گفتگو کی اور مستقبل کے لائحہ عمل پر غور کیا گیا کے ساتھ ان کی ملاقات ہوئی جس میں مختلف امور پر تبادلہ خیال کیا گیا اور انہوں نے کہا کہ پاکستان کی ترقی کے لئے سب کو مل کر کام کرنا ہوگا حکومت عوام کی فلاح و بہبود کے لئے اقدامات کر رہی ہے اس موقع پر دیگر رہنما بھی موجود تھے جنہوں نے ملک کی صورتحال پر گفتگو کی اور مستقبل کے لائحہ عمل پر غور کیا گیا کے ساتھ ان کی ملاقات ہوئی جس میں مختلف امور پر تبادلہ خیال کیا گیا اور انہوں نے کہا کہ پاکستان کی ترقی کے لئے سب کو مل کر کام کرنا ہوگا حکومت عوام کی فلاح و بہبود کے لئے اقدامات کر رہی ہے اس موقع پر دیگر رہنما بھی موجود تھے جنہوں نے
30
کے ساتھ ان کی ملاقات ہوئی جس میں مختلف امور پر تبادلہ خیال کیا گیا اور انہوں نے کہا کہ پاکستان کی ترقی کے لئے سب کو مل کر کام کرنا ہوگا حکومت عوام کی فلاح و بہبود کے لئے اقدامات کر رہی ہے اس موقع پر دیگر رہنما بھی موجود تھے جنہوں نے ملک کی صورتحال پر گفتگو کی اور مستقبل کے لائحہ عمل پر غور کیا گیا کے ساتھ ان کی ملاقات ہوئی جس میں مختلف امور پر تبادلہ خیال کیا گیا اور انہوں نے کہا کہ پاکستان کی ترقی کے لئے سب کو مل کر کام کرنا ہوگا حکومت عوام کی فلاح و بہبود کے لئے اقدامات کر رہی ہے اس موقع پر دیگر رہنما بھی موجود تھے جنہوں نے ملک کی صورتحال پر گفتگو کی اور مستقبل کے لائحہ عمل پر غور کیا گیا کے ساتھ ان کی ملاقات ہوئی جس میں مختلف امور پر تبادلہ خیال کیا گیا اور انہوں نے کہا کہ پاکستان کی ترقی کے لئے سب کو مل کر کام کرنا ہوگا حکومت عوام کی فلاح و بہبود کے لئے اقدامات کر رہی ہے اس موقع پر دیگر رہنما بھی موجود تھے جنہوں نے ملک کی صورتحال پر گفتگو کی اور مستقبل کے لائحہ عمل پر غور کیا گیا کے
31
کے ساتھ ان کی ملاقات ہوئی جس میں مختلف امور پر تبادلہ خیال کیا گیا اور انہوں نے کہا کہ پاکستان کی ترقی کے لئے سب کو مل کر کام کرنا ہوگا حکومت عوام کی فلاح و بہبود کے لئے اقدامات کر رہی ہے اس موقع پر دیگر رہنما بھی موجود تھے جنہوں نے ملک کی صورتحال پر گفتگو کی اور مستقبل کے لائحہ عمل پر غور کیا گیا کے ساتھ ان کی ملاقات ہوئی جس میں مختلف امور پر تبادلہ خیال کیا گیا اور انہوں نے کہا کہ پاکستان کی ترقی کے لئے سب کو مل کر کام کرنا ہوگا حکومت عوام کی فلاح و بہبود کے لئے اقدامات کر رہی ہے اس موقع پر دیگر رہنما بھی موجود تھے جنہوں نے ملک کی صورتحال پر گفتگو کی اور مستقبل کے لائحہ عمل پر غور کیا گیا کے ساتھ ان کی ملاقات ہوئی جس میں مختلف امور پر تبادلہ خیال کیا گیا اور انہوں نے کہا کہ پاکستان کی ترقی کے لئے سب کو مل کر کام کرنا ہوگا حکومت عوام کی فلاح و بہبود کے لئے اقدامات کر رہی ہے اس موقع پر دیگر رہنما بھی موجود تھے جنہوں نے ملک کی صورتحال پر گفتگو کی اور مستقبل کے لائحہ عمل پر غور کیا گیا کے ساتھ ان کی ملاقات ہوئی جس میں مختلف امور پر تبادلہ خیال کیا گیا اور انہوں نے کہا کہ پاکستان کی ترقی کے لئے سب کو مل کر کام کرنا ہوگا حکومت عوام کی فلاح و بہبود کے لئے اقدامات کر رہی ہے اس موقع پر دیگر رہنما بھی موجود تھے جنہوں نے ملک کی صورتحال پر گفتگو کی اور مستقبل کے لائحہ عمل پر غور کیا گیا کے ساتھ ان کی ملاقات ہوئی جس میں مختلف امور پر تبادلہ خیال کیا گیا اور انہوں نے کہا
کے ساتھ ان کی ملاقات ہوئی جس میں مختلف امور پر تبادلہ خیال کیا گیا اور انہوں نے کہا کہ پاکستان کی ترقی کے لئے سب کو مل کر کام کرنا ہوگا حکومت عوام کی فلاح و بہبود کے لئے اقدامات کر رہی ہے اس موقع پر دیگر رہنما بھی موجود تھے جنہوں
32
کے ساتھ ان کی ملاقات ہوئی جس میں مختلف امور پر تبادلہ خیال کیا گیا اور انہوں نے کہا کہ پاکستان کی ترقی کے لئے سب کو مل کر کام کرنا ہوگا حکومت عوام کی فلاح و بہبود کے لئے اقدامات کر رہی ہے اس موقع پر دیگر رہنما بھی موجود تھے جنہوں نے ملک کی صورتحال پر گفتگو کی اور مستقبل کے لائحہ عمل پر غور کیا گیا کے ساتھ ان کی ملاقات ہوئی جس میں مختلف امور پر تبادلہ خیال کیا گیا اور انہوں نے کہا کہ پاکستان کی ترقی کے لئے سب کو مل کر کام کرنا ہوگا حکومت عوام کی فلاح و بہبود کے لئے اقدامات کر رہی ہے اس موقع پر دیگر رہنما بھی موجود تھے جنہوں نے ملک کی صورتحال پر گفتگو کی اور مستقبل کے لائحہ عمل پر غور کیا گیا کے ساتھ ان کی ملاقات ہوئی جس میں مختلف امور پر تبادلہ خیال کیا گیا اور انہوں نے کہا کہ پاکستان کی ترقی کے لئے سب کو مل کر کام کرنا ہوگا حکومت عوام کی فلاح و بہبود کے لئے اقدامات کر رہی ہے اس موقع پر دیگر رہنما بھی موجود تھے جنہوں نے ملک کی صورتحال پر گفتگو کی اور مستقبل کے لائحہ عمل پر غور کیا گیا کے ساتھ ان کی ملاقات ہوئی جس میں مختلف امور پر تبادلہ خیال کیا گیا اور انہوں نے کہا کہ پاکستان کی ترقی کے لئے سب کو مل کر کام کرنا ہوگا حکومت عوام کی فلاح و بہبود کے لئے اقدامات کر رہی ہے اس موقع پر دیگر رہنما بھی موجود تھے جنہوں نے ملک کی صورتحال پر گفتگو کی اور مستقبل کے لائحہ عمل پر غور کیا گیا کے ساتھ ان کی ملاقات ہوئی جس میں مختلف امور پر تبادلہ خیال کیا گیا اور انہوں نے کہا کہ پاکستان کی ترقی کے لئے سب کو مل کر کام کرنا ہوگا حکومت عوام کی فلاح و بہبود کے لئے اقدامات کر رہی ہے اس موقع پر دیگر رہنما بھی موجود تھے جنہوں نے ملک کی صورتحال پر گفتگو کی اور مستقبل کے لائحہ عمل پر غور کیا گیا کے ساتھ ان کی ملاقات ہوئی جس میں مختلف امور پر تبادلہ خیال کیا گیا اور انہوں نے کہا کہ پاکستان کی ترقی کے لئے سب کو مل کر کام کرنا ہوگا حکومت عوام کی فلاح و بہبود کے لئے اقدامات کر رہی ہے اس موقع پر دیگر رہنما بھی موجود تھے جنہوں نے ملک کی صورتحال پر گفتگو کی اور مستقبل کے لائحہ عمل پر غور کیا گیا کے ساتھ ان کی ملاقات ہوئی جس میں مختلف امور پر تبادلہ خیال کیا گیا اور انہوں نے کہا کہ پاکستان کی ترقی کے لئے سب کو مل کر کام کرنا ہوگا حکومت عوام کی فلاح و بہبود کے لئے اقدامات کر رہی ہے اس موقع پر دیگر رہنما بھی موجود تھے جنہوں نے ملک کی صورتحال پر گفتگو کی اور مستقبل کے لائحہ عمل پر غور کیا گیا کے
33
کے ساتھ ان کی ملاقات ہوئی جس میں مختلف امور پر تبادلہ خیال کیا گیا اور انہوں نے کہا کہ پاکستان کی ترقی کے لئے سب کو مل کر کام کرنا ہوگا حکومت عوام کی فلاح و بہبود کے لئے اقدامات کر رہی ہے اس موقع پر دیگر رہنما بھی موجود تھے جنہوں نے ملک کی صورتحال پر گفتگو کی اور مستقبل کے لائحہ عمل پر غور کیا گیا کے ساتھ ان کی ملاقات ہوئی جس میں مختلف امور پر تبادلہ خیال کیا گیا اور انہوں نے کہا کہ پاکستان کی ترقی کے لئے سب کو مل کر کام کرنا ہوگا حکومت عوام کی فلاح و بہبود کے لئے اقدامات کر رہی ہے اس موقع پر دیگر رہنما بھی موجود تھے جنہوں نے ملک کی صورتحال پر گفتگو کی اور مستقبل کے لائحہ عمل پر غور کیا گیا کے ساتھ ان کی ملاقات ہوئی جس میں مختلف امور پر تبادلہ خیال کیا گیا اور انہوں نے کہا
34
کے ساتھ ان کی ملاقات ہوئی جس میں مختلف امور پر تبادلہ خیال کیا گیا اور انہوں نے کہا کہ پاکستان کی ترقی کے لئے سب کو مل کر کام کرنا ہوگا حکومت عوام کی فلاح و بہبود کے لئے اقدامات کر رہی ہے اس موقع پر دیگر رہنما بھی موجود تھے جنہوں نے ملک کی صورتحال پر گفتگو کی اور مستقبل کے لائحہ عمل پر غور کیا گیا کے ساتھ ان کی ملاقات ہوئی جس میں مختلف امور پر تبادلہ خیال کیا گیا اور انہوں نے کہا کہ پاکستان کی ترقی کے لئے سب کو مل کر کام کرنا ہوگا حکومت عوام کی فلاح و بہبود کے لئے اقدامات کر رہی ہے اس موقع پر دیگر رہنما بھی موجود تھے جنہوں نے ملک کی صورتحال پر گفتگو کی اور مستقبل کے لائحہ عمل پر غور کیا گیا کے ساتھ ان کی ملاقات ہوئی جس میں مختلف امور پر تبادلہ خیال کیا گیا اور انہوں نے کہا کہ پاکستان کی ترقی کے لئے سب کو مل کر کام کرنا ہوگا حکومت عوام کی فلاح و بہبود کے لئے اقدامات کر رہی ہے اس موقع پر دیگر رہنما بھی موجود تھے جنہوں نے ملک کی صورتحال پر گفتگو کی اور مستقبل کے لائحہ عمل پر غور کیا گیا کے ساتھ ان کی ملاقات ہوئی جس میں مختلف امور پر تبادلہ خیال کیا گیا اور انہوں نے کہا کہ پاکستان کی ترقی کے لئے سب کو مل کر کام کرنا ہوگا حکومت عوام کی فلاح و
35
کے ساتھ ان کی ملاقات ہوئی جس میں مختلف امور پر تبادلہ خیال کیا گیا اور انہوں نے کہا کہ پاکستان کی ترقی کے لئے سب کو مل کر کام کرنا ہوگا حکومت عوام کی فلاح و بہبود کے لئے اقدامات کر رہی ہے اس موقع پر دیگر رہنما بھی موجود تھے جنہوں نے ملک کی صورتحال پر گفتگو کی اور مستقبل کے لائحہ عمل پر غور کیا گیا کے ساتھ ان کی ملاقات ہوئی جس میں مختلف امور پر تبادلہ خیال کیا گیا اور انہوں نے کہا کہ پاکستان کی ترقی کے لئے سب کو مل کر کام کرنا ہوگا حکومت عوام کی فلاح و بہبود کے لئے اقدامات کر رہی ہے اس موقع پر دیگر رہنما بھی موجود تھے جنہوں نے ملک کی صورتحال پر گفتگو کی اور مستقبل کے لائحہ عمل پر غور کیا گیا کے ساتھ ان کی ملاقات ہوئی جس میں مختلف امور پر تبادلہ خیال کیا گیا اور انہوں نے کہا
36
کے ساتھ ان کی ملاقات ہوئی جس میں مختلف امور پر تبادلہ خیال کیا گیا اور انہوں نے کہا کہ پاکستان کی ترقی کے لئے سب کو مل کر کام کرنا ہوگا حکومت عوام کی فلاح و بہبود کے لئے اقدامات کر رہی ہے اس موقع پر دیگر رہنما بھی موجود تھے جنہوں نے ملک کی صورتحال پر گفتگو کی اور مستقبل کے لائحہ عمل پر غور کیا گیا کے ساتھ ان کی ملاقات ہوئی جس میں مختلف امور پر تبادلہ خیال کیا گیا اور انہوں نے کہا کہ پاکستان کی ترقی کے لئے سب کو مل کر کام کرنا ہوگا حکومت عوام کی فلاح و بہبود کے لئے اقدامات کر رہی ہے اس موقع پر دیگر رہنما بھی موجود تھے جنہوں نے ملک کی صورتحال پر گفتگو کی اور مستقبل کے لائحہ عمل پر غور کیا گیا کے ساتھ ان کی ملاقات ہوئی جس میں مختلف امور پر تبادلہ خیال کیا گیا اور انہوں نے کہا
37
کے ساتھ ان کی ملاقات ہوئی جس میں مختلف امور پر تبادلہ خیال کیا گیا اور انہوں نے کہا کہ پاکستان کی ترقی کے لئے سب کو مل کر کام کرنا ہوگا حکومت عوام کی فلاح و بہبود کے لئے اقدامات کر رہی ہے اس موقع پر دیگر رہنما بھی موجود تھے جنہوں
کے ساتھ ان کی ملاقات ہوئی جس میں مختلف امور پر تبادلہ خیال کیا گیا اور انہوں نے کہا کہ پاکستان کی ترقی کے لئے سب کو مل کر کام کرنا ہوگا حکومت عوام کی فلاح و بہبود کے لئے اقدامات کر رہی ہے اس موقع پر دیگر رہنما بھی موجود تھے جنہوں نے ملک کی صورتحال پر گفتگو کی اور مستقبل کے لائحہ عمل پر غور کیا گیا کے ساتھ ان کی ملاقات ہوئی جس میں مختلف امور پر تبادلہ خیال کیا گیا اور انہوں نے کہا کہ پاکستان کی ترقی کے لئے سب کو مل کر کام کرنا ہوگا حکومت عوام کی فلاح و بہبود کے لئے اقدامات کر رہی ہے اس موقع پر دیگر رہنما بھی موجود تھے جنہوں نے ملک کی صورتحال پر گفتگو کی اور مستقبل کے لائحہ عمل پر غور کیا گیا کے ساتھ ان کی ملاقات ہوئی جس میں مختلف امور پر تبادلہ خیال کیا گیا اور انہوں نے کہا کہ پاکستان کی ترقی کے لئے سب کو مل کر کام کرنا ہوگا حکومت عوام کی فلاح و بہبود کے لئے اقدامات کر رہی ہے اس موقع پر دیگر رہنما بھی موجود تھے جنہوں نے ملک کی صورتحال پر گفتگو کی اور مستقبل کے لائحہ عمل پر غور کیا گیا کے ساتھ ان کی ملاقات ہوئی جس میں مختلف امور پر تبادلہ خیال کیا گیا اور انہوں نے کہا کہ پاکستان کی ترقی کے لئے سب کو مل کر کام کرنا ہوگا حکومت عوام کی فلاح و بہبود کے لئے اقدامات کر رہی ہے اس موقع پر دیگر رہنما بھی موجود تھے جنہوں نے ملک کی صورتحال پر گفتگو کی اور مستقبل کے لائحہ عمل پر غور کیا گیا کے ساتھ ان کی ملاقات ہوئی جس میں مختلف امور پر تبادلہ خیال کیا گیا اور انہوں نے کہا کہ پاکستان کی ترقی کے لئے سب کو مل کر کام کرنا ہوگا حکومت عوام کی فلاح و
38
کے ساتھ ان کی ملاقات ہوئی جس میں مختلف امور پر تبادلہ خیال کیا گیا اور انہوں نے کہا کہ پاکستان کی ترقی کے لئے سب کو مل کر کام کرنا ہوگا حکومت عوام کی فلاح و بہبود کے لئے اقدامات کر رہی ہے اس موقع پر دیگر رہنما بھی موجود تھے جنہوں نے ملک کی صورتحال پر گفتگو کی اور مستقبل کے لائحہ عمل پر غور کیا گیا کے ساتھ ان کی ملاقات ہوئی جس میں مختلف امور پر تبادلہ خیال کیا گیا اور انہوں نے کہا کہ پاکستان کی ترقی کے لئے سب کو مل کر کام کرنا ہوگا حکومت عوام کی فلاح و بہبود کے لئے اقدامات کر رہی ہے اس موقع پر دیگر رہنما بھی موجود تھے جنہوں نے ملک کی صورتحال پر گفتگو کی اور مستقبل کے لائحہ عمل پر غور کیا گیا کے ساتھ ان کی ملاقات ہوئی جس میں مختلف امور پر تبادلہ خیال کیا گیا اور انہوں نے کہا کہ پاکستان کی ترقی کے لئے سب کو مل کر کام کرنا ہوگا حکومت عوام کی فلاح و
39
کے ساتھ ان کی ملاقات ہوئی جس میں مختلف امور پر تبادلہ خیال کیا گیا اور انہوں نے کہا کہ پاکستان کی ترقی کے لئے سب کو مل کر کام کرنا ہوگا حکومت عوام کی فلاح و بہبود کے لئے اقدامات کر رہی ہے اس موقع پر دیگر رہنما بھی موجود تھے جنہوں نے ملک کی صورتحال پر گفتگو کی اور مستقبل کے لائحہ عمل پر غور کیا گیا کے ساتھ ان کی ملاقات ہوئی جس میں مختلف امور پر تبادلہ خیال کیا گیا اور انہوں نے کہا
40
کے ساتھ ان کی ملاقات ہوئی جس میں مختلف امور پر تبادلہ خیال کیا گیا اور انہوں نے کہا کہ پاکستان کی ترقی کے لئے سب کو مل کر کام کرنا ہوگا حکومت عوام کی فلاح و بہبود کے لئے اقدامات کر رہی ہے اس موقع پر دیگر رہنما بھی موجود تھے جنہوں نے ملک کی صورتحال پر گفتگو کی اور مستقبل کے لائحہ عمل پر غور کیا گیا کے ساتھ ان کی ملاقات ہوئی جس میں مختلف امور پر تبادلہ خیال کیا گیا اور انہوں نے کہا کہ پاکستان کی ترقی کے لئے سب کو مل کر کام کرنا ہوگا حکومت عوام کی فلاح و بہبود کے لئے اقدامات کر رہی ہے اس موقع پر دیگر رہنما بھی موجود تھے جنہوں نے ملک کی صورتحال پر گفتگو کی اور مستقبل کے لائحہ عمل پر غور کیا گیا کے ساتھ ان کی ملاقات ہوئی جس میں مختلف امور پر تبادلہ خیال کیا گیا اور انہوں نے کہا کہ پاکستان کی ترقی کے لئے سب کو مل کر کام کرنا ہوگا حکومت عوام کی فلاح و بہبود کے لئے اقدامات کر رہی ہے اس موقع پر دیگر رہنما بھی موجود تھے جنہوں نے ملک کی صورتحال پر گفتگو کی اور مستقبل کے لائحہ عمل پر غور کیا گیا کے ساتھ ان کی ملاقات ہوئی جس میں مختلف امور پر تبادلہ خیال کیا گیا اور انہوں نے کہا کہ پاکستان کی ترقی کے لئے سب کو مل کر کام کرنا ہوگا حکومت عوام کی فلاح و
41
کے ساتھ ان کی ملاقات ہوئی جس میں مختلف امور پر تبادلہ خیال کیا گیا اور انہوں نے کہا کہ پاکستان کی ترقی کے لئے سب کو مل کر کام کرنا ہوگا حکومت عوام کی فلاح و بہبود کے لئے اقدامات کر رہی ہے اس موقع پر دیگر رہنما بھی موجود تھے جنہوں نے ملک کی صورتحال پر گفتگو کی اور مستقبل کے لائحہ عمل پر غور کیا گیا کے ساتھ ان کی ملاقات ہوئی جس میں مختلف امور پر تبادلہ خیال کیا گیا اور انہوں نے کہا کہ پاکستان کی ترقی کے لئے سب کو مل کر کام کرنا ہوگا حکومت عوام کی فلاح و بہبود کے لئے اقدامات کر رہی ہے اس موقع پر دیگر رہنما بھی موجود تھے جنہوں نے ملک کی صورتحال پر گفتگو کی اور مستقبل کے لائحہ عمل پر غور کیا گیا کے ساتھ ان کی ملاقات ہوئی جس میں مختلف امور پر تبادلہ خیال کیا گیا اور انہوں نے کہا کہ پاکستان کی ترقی کے لئے سب کو مل کر کام کرنا ہوگا حکومت عوام کی فلاح و بہبود کے لئے اقدامات کر رہی ہے اس موقع پر دیگر رہنما بھی موجود تھے جنہوں نے ملک کی صورتحال پر گفتگو کی اور مستقبل کے لائحہ عمل پر غور کیا گیا کے ساتھ ان کی ملاقات ہوئی جس میں مختلف امور پر تبادلہ خیال کیا گیا اور انہوں نے کہا
42
کے ساتھ ان کی ملاقات ہوئی جس میں مختلف امور پر تبادلہ خیال کیا گیا اور انہوں نے کہا کہ پاکستان کی ترقی کے لئے سب کو مل کر کام کرنا ہوگا حکومت عوام کی فلاح و بہبود کے لئے اقدامات کر رہی ہے اس موقع پر دیگر رہنما بھی موجود تھے جنہوں نے ملک کی صورتحال پر گفتگو کی اور مستقبل کے لائحہ عمل پر غور کیا گیا کے
43
کے ساتھ ان کی ملاقات ہوئی جس میں مختلف امور پر تبادلہ خیال کیا گیا اور انہوں نے کہا کہ پاکستان کی ترقی کے لئے سب کو مل کر کام کرنا ہوگا حکومت عوام کی فلاح و بہبود کے لئے اقدامات کر رہی ہے اس موقع پر دیگر رہنما بھی موجود تھے جنہوں نے ملک کی صورتحال پر گفتگو کی اور مستقبل کے لائحہ عمل پر غور کیا گیا کے ساتھ ان کی ملاقات ہوئی جس میں مختلف امور پر تبادلہ خیال کیا گیا اور انہوں نے کہا کہ پاکستان کی ترقی کے لئے سب کو مل کر کام کرنا ہوگا حکومت عوام کی فلاح و بہبود کے لئے اقدامات کر رہی ہے اس موقع پر دیگر رہنما بھی موجود تھے جنہوں نے ملک کی صورتحال پر گفتگو کی اور مستقبل کے لائحہ عمل پر غور کیا گیا کے
44
کے ساتھ ان کی ملاقات ہوئی جس میں مختلف امور پر تبادلہ خیال کیا گیا اور انہوں نے کہا کہ پاکستان کی ترقی کے لئے سب کو مل کر کام کرنا ہوگا حکومت عوام کی فلاح و بہبود کے لئے اقدامات کر رہی ہے اس موقع پر دیگر رہنما بھی موجود تھے جنہوں
45
کے ساتھ ان کی ملاقات ہوئی جس میں مختلف امور پر تبادلہ خیال کیا گیا اور انہوں نے کہا کہ پاکستان کی ترقی کے لئے سب کو
کے ساتھ ان کی ملاقات ہوئی جس میں مختلف امور پر تبادلہ خیال کیا گیا اور انہوں نے کہا کہ پاکستان کی ترقی کے لئے سب کو مل کر کام کرنا ہوگا حکومت عوام کی فلاح و بہبود کے لئے اقدامات کر رہی ہے اس موقع پر دیگر رہنما بھی موجود تھے جنہوں نے ملک کی صورتحال پر گفتگو کی اور مستقبل کے لائحہ عمل پر غور کیا گیا کے ساتھ ان کی ملاقات ہوئی جس میں مختلف
46
کے ساتھ ان کی ملاقات ہوئی جس میں مختلف امور پر تبادلہ خیال کیا گیا اور انہوں نے کہا کہ پاکستان کی ترقی کے لئے سب کو مل کر کام کرنا ہوگا حکومت عوام کی فلاح و بہبود کے لئے اقدامات کر رہی ہے اس موقع پر دیگر رہنما بھی موجود تھے جنہوں نے ملک کی صورتحال پر گفتگو کی اور مستقبل کے لائحہ عمل پر غور کیا گیا کے ساتھ ان کی ملاقات ہوئی جس میں مختلف امور پر تبادلہ خیال کیا گیا اور انہوں نے کہا کہ پاکستان کی ترقی کے لئے سب کو مل کر کام کرنا ہوگا حکومت عوام کی فلاح و بہبود کے لئے اقدامات کر رہی ہے اس موقع پر دیگر رہنما بھی موجود تھے جنہوں نے ملک کی صورتحال پر گفتگو کی اور مستقبل کے لائحہ عمل پر غور کیا گیا کے ساتھ ان کی ملاقات ہوئی جس میں مختلف امور پر تبادلہ خیال کیا گیا اور انہوں نے کہا
47
کے ساتھ ان کی ملاقات ہوئی جس میں مختلف امور پر تبادلہ خیال کیا گیا اور انہوں نے کہا کہ پاکستان کی ترقی کے لئے سب کو مل کر کام کرنا ہوگا حکومت عوام کی فلاح و بہبود کے لئے اقدامات کر رہی ہے اس موقع پر دیگر رہنما بھی موجود تھے جنہوں نے ملک کی صورتحال پر گفتگو کی اور مستقبل کے لائحہ عمل پر غور کیا گیا کے ساتھ ان کی ملاقات ہوئی جس میں مختلف امور پر تبادلہ خیال کیا گیا اور انہوں نے کہا کہ پاکستان کی ترقی کے لئے سب کو مل کر کام کرنا ہوگا حکومت عوام کی فلاح و
48
کے ساتھ ان کی ملاقات ہوئی جس میں مختلف امور پر تبادلہ خیال کیا گیا اور انہوں نے کہا کہ پاکستان کی ترقی کے لئے سب کو مل کر کام کرنا ہوگا حکومت عوام کی فلاح و بہبود کے لئے اقدامات کر رہی ہے اس موقع پر دیگر رہنما بھی موجود تھے جنہوں نے ملک کی صورتحال پر گفتگو کی اور مستقبل کے لائحہ عمل پر غور کیا گیا کے ساتھ ان کی ملاقات ہوئی جس میں مختلف امور پر تبادلہ خیال کیا گیا اور انہوں نے کہا کہ پاکستان کی ترقی کے لئے سب کو مل کر کام کرنا ہوگا حکومت عوام کی فلاح و بہبود کے لئے اقدامات کر رہی ہے اس موقع پر دیگر رہنما بھی موجود تھے جنہوں نے ملک کی صورتحال پر گفتگو کی اور مستقبل کے لائحہ عمل پر غور کیا گیا کے ساتھ ان کی ملاقات ہوئی جس میں مختلف امور پر تبادلہ خیال کیا گیا اور انہوں نے کہا کہ پاکستان کی ترقی کے لئے سب کو مل کر کام کرنا ہوگا حکومت عوام کی فلاح و بہبود کے لئے اقدامات کر رہی ہے اس موقع پر دیگر رہنما بھی موجود تھے جنہوں نے ملک کی صورتحال پر گفتگو کی اور مستقبل کے لائحہ عمل پر غور کیا گیا کے ساتھ ان کی ملاقات ہوئی جس میں مختلف امور پر تبادلہ خیال کیا گیا اور انہوں نے کہا کہ پاکستان کی ترقی کے لئے سب کو مل کر کام کرنا ہوگا حکومت عوام کی فلاح و بہبود کے لئے اقدامات کر رہی ہے اس موقع پر دیگر رہنما بھی موجود تھے جنہوں نے ملک کی صورتحال پر گفتگو کی اور مستقبل کے لائحہ عمل پر غور کیا گیا کے ساتھ ان کی ملاقات ہوئی جس میں مختلف امور پر تبادلہ خیال کیا گیا اور انہوں نے کہا کہ پاکستان کی ترقی کے لئے سب کو مل کر کام کرنا ہوگا حکومت عوام کی فلاح و بہبود کے لئے اقدامات کر رہی ہے اس موقع پر دیگر رہنما بھی موجود تھے جنہوں نے ملک کی صورتحال پر گفتگو کی اور مستقبل کے لائحہ عمل پر غور کیا گیا کے ساتھ ان کی ملاقات ہوئی جس میں مختلف امور پر تبادلہ خیال کیا گیا اور انہوں نے کہا کہ پاکستان کی ترقی کے لئے سب کو مل کر کام کرنا ہوگا حکومت عوام کی فلاح و بہبود کے لئے اقدامات کر رہی ہے اس موقع پر دیگر رہنما بھی موجود تھے جنہوں نے ملک کی صورتحال پر گفتگو کی اور مستقبل کے لائحہ عمل پر غور کیا گیا کے ساتھ ان کی ملاقات ہوئی جس میں مختلف امور پر تبادلہ خیال کیا گیا اور انہوں نے کہا کہ پاکستان کی ترقی کے لئے سب کو مل کر کام کرنا ہوگا حکومت عوام کی فلاح و بہبود کے لئے اقدامات کر رہی ہے اس موقع پر دیگر رہنما بھی موجود تھے جنہوں نے ملک کی صورتحال پر گفتگو کی اور مستقبل کے لائحہ عمل پر غور کیا گیا کے ساتھ ان کی ملاقات ہوئی جس میں مختلف امور پر تبادلہ خیال کیا گیا اور انہوں نے کہا کہ پاکستان کی ترقی کے لئے سب کو مل کر کام کرنا ہوگا حکومت عوام کی فلاح و بہبود کے لئے اقدامات کر رہی ہے اس موقع پر دیگر رہنما بھی موجود تھے جنہوں نے ملک کی صورتحال پر گفتگو کی اور مستقبل کے لائحہ عمل پر غور کیا گیا کے ساتھ ان کی ملاقات ہوئی جس میں مختلف امور پر تبادلہ خیال کیا گیا اور انہوں نے کہا کہ پاکستان کی ترقی کے لئے سب کو مل کر کام کرنا ہوگا حکومت عوام کی فلاح و بہبود کے لئے اقدامات کر رہی ہے اس موقع پر دیگر رہنما بھی موجود تھے جنہوں نے ملک کی صورتحال پر گفتگو کی اور مستقبل کے لائحہ عمل پر غور کیا گیا کے ساتھ ان کی ملاقات ہوئی جس میں مختلف امور پر تبادلہ خیال کیا گیا اور انہوں نے کہا کہ پاکستان کی ترقی کے لئے سب کو مل کر کام کرنا ہوگا حکومت عوام کی فلاح و بہبود کے لئے اقدامات کر رہی ہے اس موقع پر دیگر رہنما بھی موجود تھے جنہوں نے ملک کی صورتحال پر گفتگو کی اور مستقبل کے لائحہ عمل پر غور کیا گیا کے ساتھ ان کی ملاقات ہوئی جس میں مختلف امور پر تبادلہ خیال کیا گیا اور انہوں نے کہا کہ پاکستان کی ترقی کے لئے سب کو مل کر کام کرنا ہوگا حکومت عوام کی فلاح و بہبود کے لئے اقدامات کر رہی ہے اس موقع پر دیگر رہنما بھی موجود تھے جنہوں نے ملک کی صورتحال پر گفتگو کی اور مستقبل کے لائحہ عمل پر غور کیا گیا کے ساتھ ان کی ملاقات ہوئی جس میں مختلف امور پر تبادلہ خیال کیا گیا اور انہوں نے کہا کہ پاکستان کی ترقی کے لئے سب کو مل کر کام کرنا ہوگا حکومت عوام کی فلاح و بہبود کے لئے اقدامات کر رہی ہے اس موقع پر دیگر رہنما بھی موجود تھے جنہوں نے ملک کی صورتحال پر گفتگو کی اور مستقبل کے لائحہ عمل پر غور کیا گیا کے ساتھ ان کی ملاقات ہوئی جس میں مختلف امور پر تبادلہ خیال کیا گیا اور انہوں نے کہا کہ پاکستان کی ترقی کے لئے سب کو مل کر کام کرنا ہوگا حکومت عوام کی فلاح و بہبود کے لئے اقدامات کر رہی ہے اس موقع پر دیگر رہنما بھی موجود تھے جنہوں نے ملک کی صورتحال پر گفتگو کی اور مستقبل کے لائحہ عمل پر غور کیا گیا کے ساتھ ان کی ملاقات ہوئی جس میں مختلف امور پر تبادلہ خیال کیا گیا اور انہوں نے کہا کہ پاکستان کی ترقی کے لئے سب کو مل کر کام کرنا ہوگا حکومت عوام کی فلاح و بہبود کے لئے اقدامات کر رہی ہے اس موقع پر دیگر رہنما بھی موجود تھے جنہوں نے ملک کی صورتحال پر گفتگو کی اور مستقبل کے لائحہ عمل پر غور کیا گیا کے ساتھ ان کی ملاقات ہوئی جس میں مختلف امور پر تبادلہ خیال کیا گیا اور انہوں نے کہا کہ پاکستان کی ترقی کے لئے سب کو مل کر کام کرنا ہوگا حکومت عوام کی فلاح و بہبود کے لئے اقدامات کر رہی ہے اس موقع پر دیگر رہنما بھی موجود تھے جنہوں نے ملک کی صورتحال پر گفتگو کی اور مستقبل کے لائحہ عمل پر غور کیا گیا کے ساتھ ان کی ملاقات ہوئی جس میں مختلف امور پر تبادلہ خیال کیا گیا اور انہوں نے کہا کہ پاکستان کی ترقی کے لئے سب کو مل کر کام کرنا ہوگا حکومت عوام کی فلاح و بہبود کے لئے اقدامات کر رہی ہے اس موقع پر دیگر رہنما بھی موجود تھے جنہوں نے ملک کی صورتحال پر گفتگو کی اور مستقبل کے لائحہ عمل پر غور کیا گیا کے ساتھ ان کی ملاقات ہوئی جس میں مختلف امور پر تبادلہ خیال کیا گیا اور انہوں نے کہا کہ پاکستان کی ترقی کے لئے سب کو مل کر کام کرنا ہوگا حکومت عوام کی فلاح و بہبود کے لئے اقدامات کر رہی ہے اس موقع پر دیگر رہنما بھی موجود تھے جنہوں نے ملک کی صورتحال پر گفتگو کی اور مستقبل کے لائحہ عمل پر غور کیا گیا کے ساتھ ان کی ملاقات ہوئی جس میں مختلف امور پر تبادلہ خیال کیا گیا اور انہوں نے کہا کہ پاکستان کی ترقی کے لئے سب کو مل کر کام کرنا ہوگا حکومت عوام کی فلاح و بہبود کے لئے اقدامات کر رہی ہے اس موقع پر دیگر رہنما بھی موجود تھے جنہوں نے ملک کی صورتحال پر گفتگو کی اور مستقبل کے لائحہ عمل پر غور کیا گیا کے
